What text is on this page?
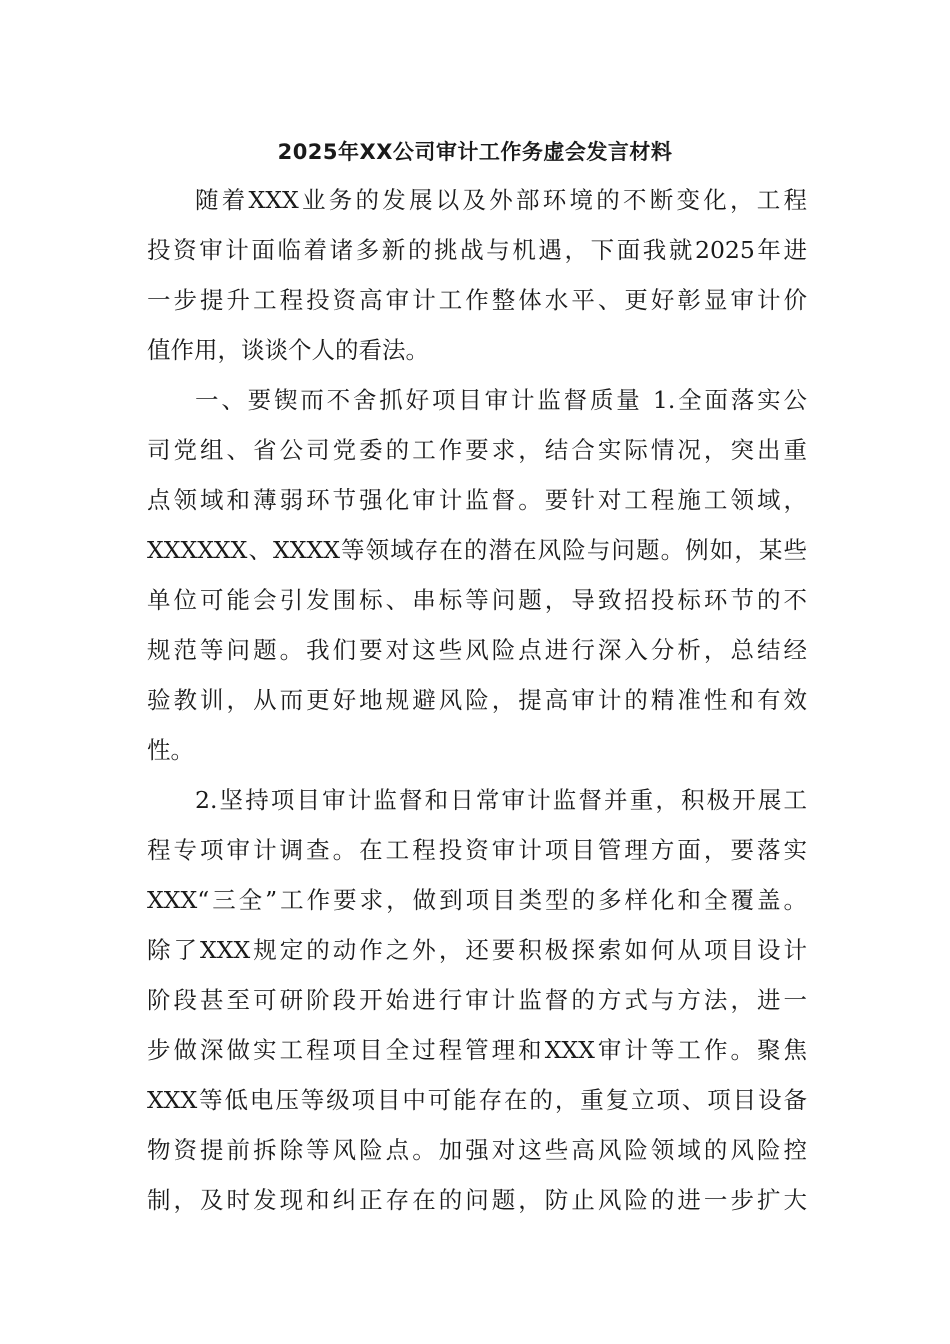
2025年XX公司审计工作务虚会发言材料
随着XXX业务的发展以及外部环境的不断变化，工程
投资审计面临着诸多新的挑战与机遇，下面我就2025年进
一步提升工程投资高审计工作整体水平、更好彰显审计价
值作用，谈谈个人的看法。
一、要锲而不舍抓好项目审计监督质量 1.全面落实公
司党组、省公司党委的工作要求，结合实际情况，突出重
点领域和薄弱环节强化审计监督。要针对工程施工领域，
XXXXXX、XXXX等领域存在的潜在风险与问题。例如，某些
单位可能会引发围标、串标等问题，导致招投标环节的不
规范等问题。我们要对这些风险点进行深入分析，总结经
验教训，从而更好地规避风险，提高审计的精准性和有效
性。
2.坚持项目审计监督和日常审计监督并重，积极开展工
程专项审计调查。在工程投资审计项目管理方面，要落实
XXX“三全”工作要求，做到项目类型的多样化和全覆盖。
除了XXX规定的动作之外，还要积极探索如何从项目设计
阶段甚至可研阶段开始进行审计监督的方式与方法，进一
步做深做实工程项目全过程管理和XXX审计等工作。聚焦
XXX等低电压等级项目中可能存在的，重复立项、项目设备
物资提前拆除等风险点。加强对这些高风险领域的风险控
制，及时发现和纠正存在的问题，防止风险的进一步扩大
